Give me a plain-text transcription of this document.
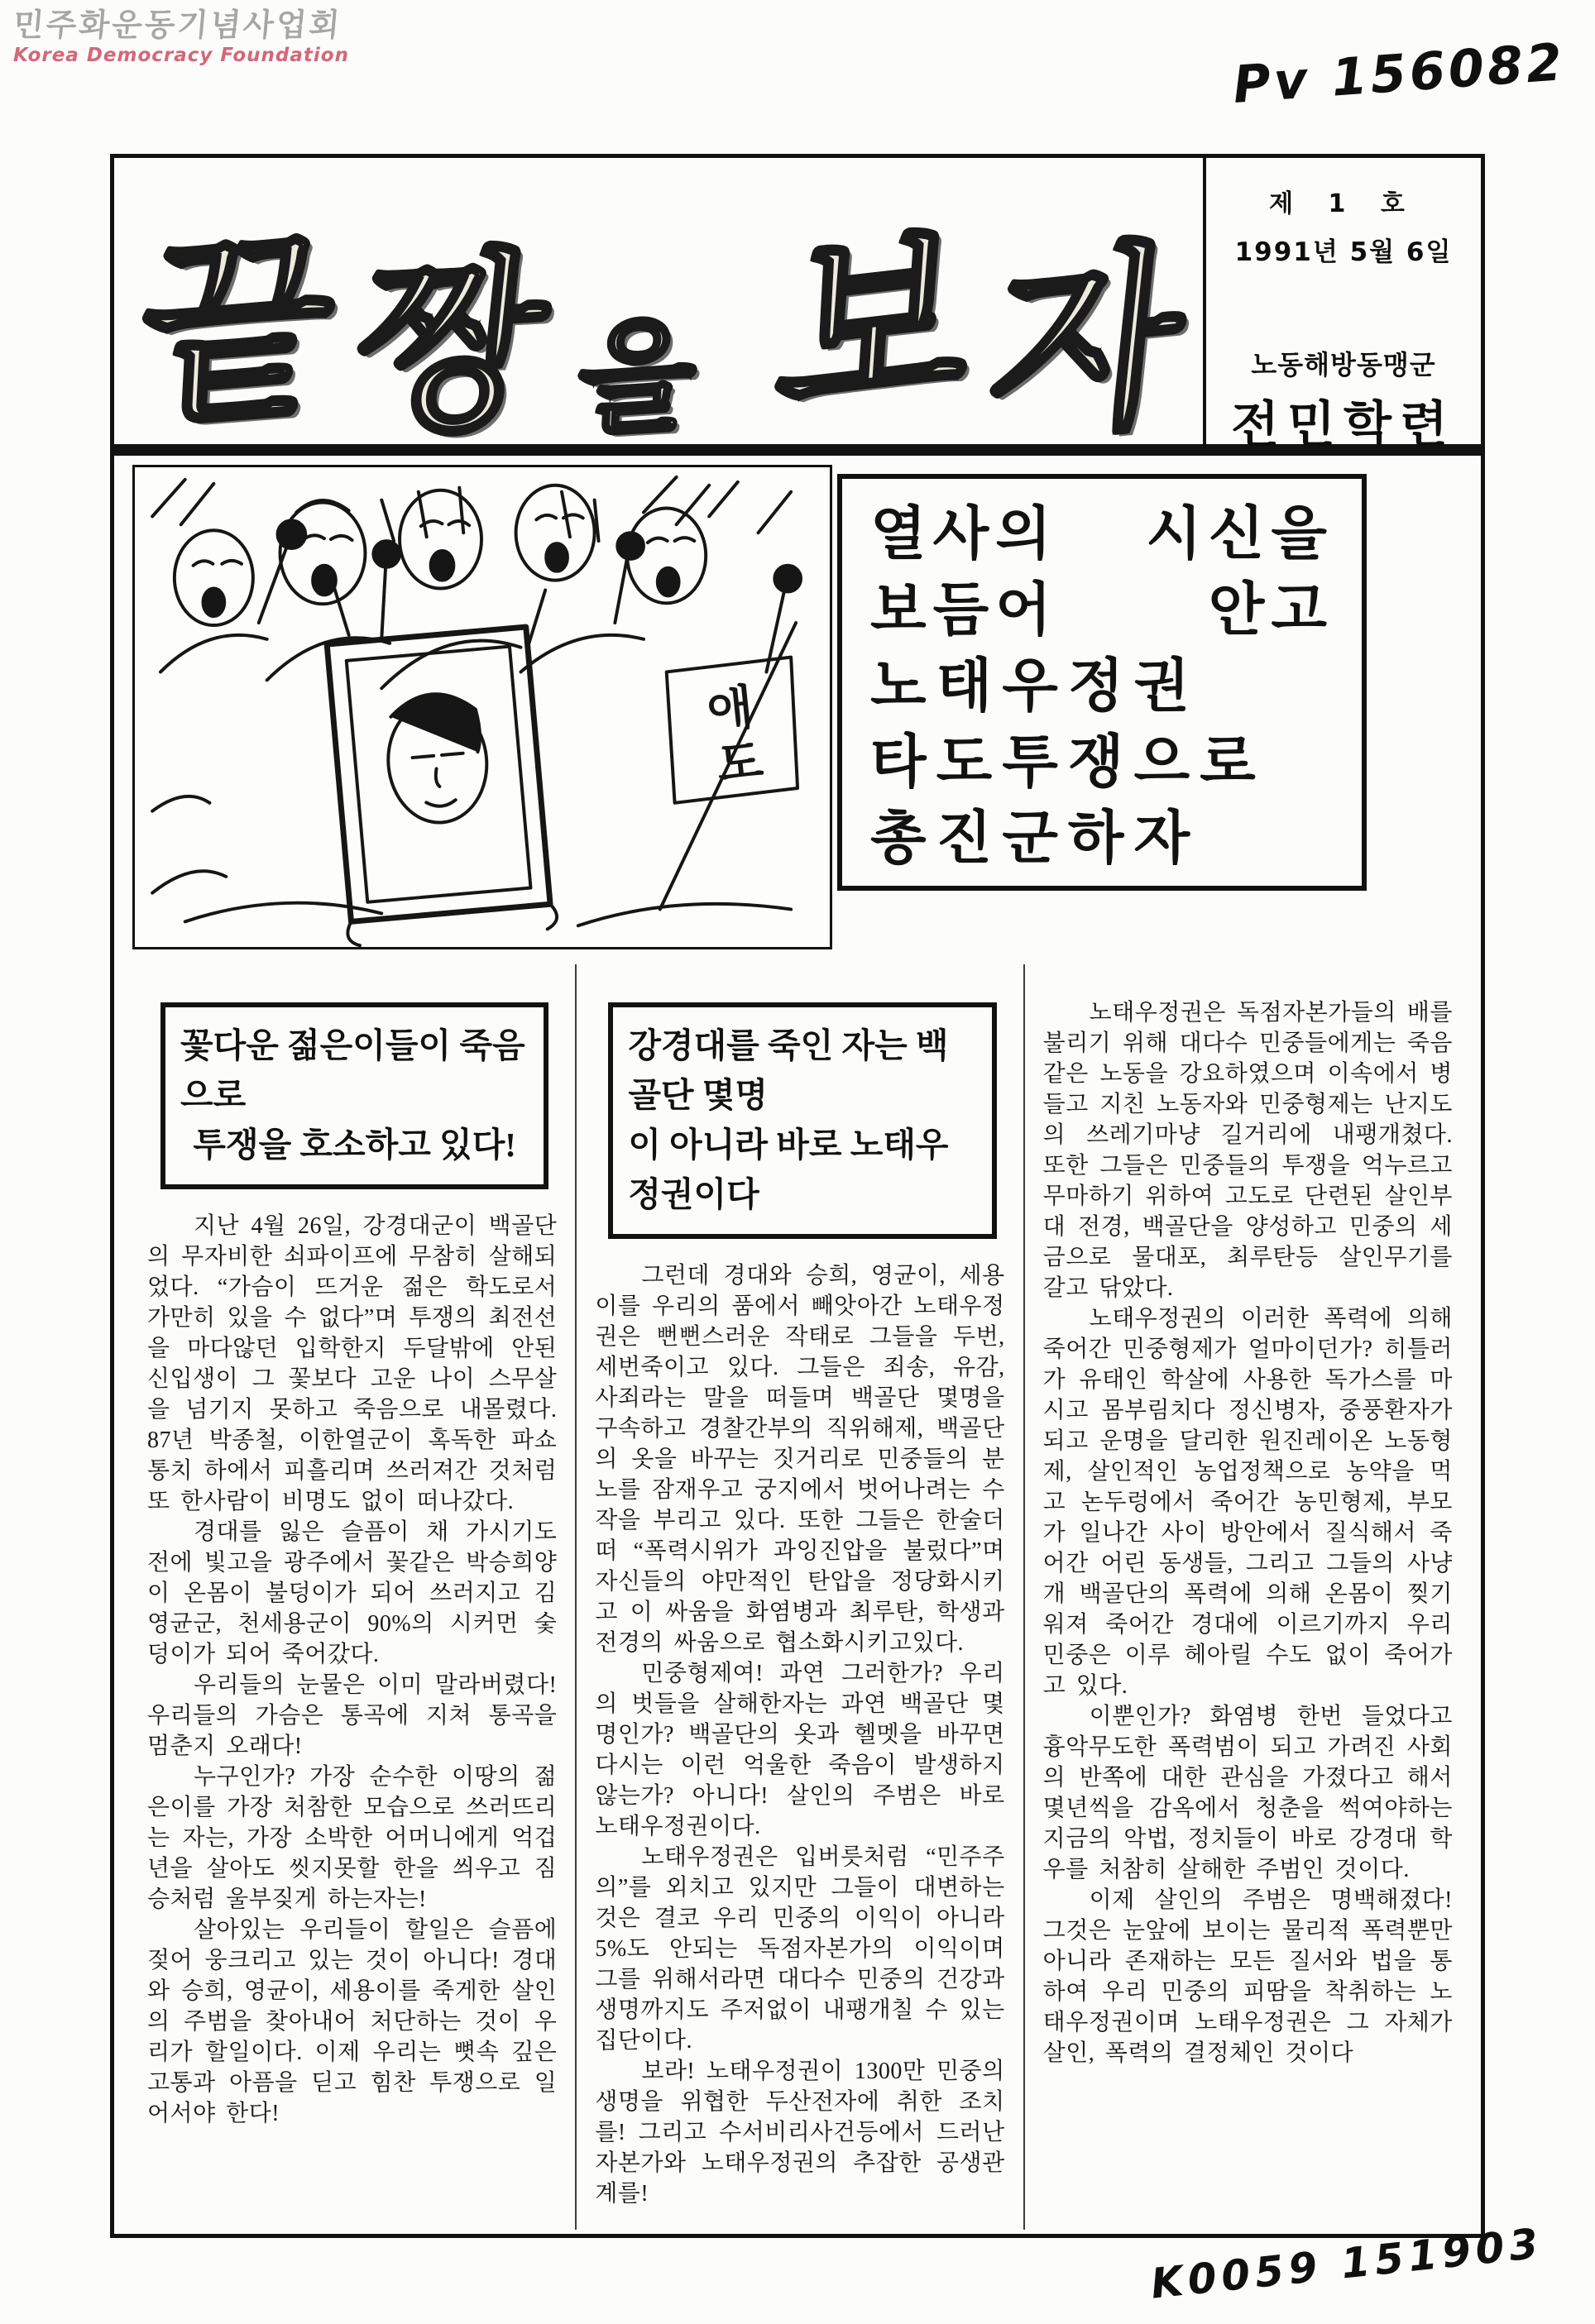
민주화운동기념사업회
Korea Democracy Foundation	Pv 156082
끝 짱 을 보 자
제 1 호
1991년 5월 6일
노동해방동맹군
전민학련
애
도
열사의 시신을
보듬어	안고
노태우정권
타도투쟁으로
총진군하자
꽃다운 젊은이들이 죽음으로
투쟁을 호소하고 있다!

지난 4월 26일, 강경대군이 백골단의 무자비한 쇠파이프에 무참히 살해되었다. “가슴이 뜨거운 젊은 학도로서 가만히 있을 수 없다”며 투쟁의 최전선을 마다않던 입학한지 두달밖에 안된 신입생이 그 꽃보다 고운 나이 스무살을 넘기지 못하고 죽음으로 내몰렸다. 87년 박종철, 이한열군이 혹독한 파쇼통치 하에서 피흘리며 쓰러져간 것처럼 또 한사람이 비명도 없이 떠나갔다.

경대를 잃은 슬픔이 채 가시기도 전에 빛고을 광주에서 꽃같은 박승희양이 온몸이 불덩이가 되어 쓰러지고 김영균군, 천세용군이 90%의 시커먼 숯덩이가 되어 죽어갔다.

우리들의 눈물은 이미 말라버렸다! 우리들의 가슴은 통곡에 지쳐 통곡을 멈춘지 오래다!

누구인가? 가장 순수한 이땅의 젊은이를 가장 처참한 모습으로 쓰러뜨리는 자는, 가장 소박한 어머니에게 억겁년을 살아도 씻지못할 한을 씌우고 짐승처럼 울부짖게 하는자는!

살아있는 우리들이 할일은 슬픔에 젖어 웅크리고 있는 것이 아니다! 경대와 승희, 영균이, 세용이를 죽게한 살인의 주범을 찾아내어 처단하는 것이 우리가 할일이다. 이제 우리는 뼛속 깊은 고통과 아픔을 딛고 힘찬 투쟁으로 일어서야 한다!

강경대를 죽인 자는 백골단 몇명
이 아니라 바로 노태우정권이다

그런데 경대와 승희, 영균이, 세용이를 우리의 품에서 빼앗아간 노태우정권은 뻔뻔스러운 작태로 그들을 두번, 세번죽이고 있다. 그들은 죄송, 유감, 사죄라는 말을 떠들며 백골단 몇명을 구속하고 경찰간부의 직위해제, 백골단의 옷을 바꾸는 짓거리로 민중들의 분노를 잠재우고 궁지에서 벗어나려는 수작을 부리고 있다. 또한 그들은 한술더 떠 “폭력시위가 과잉진압을 불렀다”며 자신들의 야만적인 탄압을 정당화시키고 이 싸움을 화염병과 최루탄, 학생과 전경의 싸움으로 협소화시키고있다.

민중형제여! 과연 그러한가? 우리의 벗들을 살해한자는 과연 백골단 몇명인가? 백골단의 옷과 헬멧을 바꾸면 다시는 이런 억울한 죽음이 발생하지 않는가? 아니다! 살인의 주범은 바로 노태우정권이다.

노태우정권은 입버릇처럼 “민주주의”를 외치고 있지만 그들이 대변하는 것은 결코 우리 민중의 이익이 아니라 5%도 안되는 독점자본가의 이익이며 그를 위해서라면 대다수 민중의 건강과 생명까지도 주저없이 내팽개칠 수 있는 집단이다.

보라! 노태우정권이 1300만 민중의 생명을 위협한 두산전자에 취한 조치를! 그리고 수서비리사건등에서 드러난 자본가와 노태우정권의 추잡한 공생관계를!

노태우정권은 독점자본가들의 배를 불리기 위해 대다수 민중들에게는 죽음같은 노동을 강요하였으며 이속에서 병들고 지친 노동자와 민중형제는 난지도의 쓰레기마냥 길거리에 내팽개쳤다. 또한 그들은 민중들의 투쟁을 억누르고 무마하기 위하여 고도로 단련된 살인부대 전경, 백골단을 양성하고 민중의 세금으로 물대포, 최루탄등 살인무기를 갈고 닦았다.

노태우정권의 이러한 폭력에 의해 죽어간 민중형제가 얼마이던가? 히틀러가 유태인 학살에 사용한 독가스를 마시고 몸부림치다 정신병자, 중풍환자가 되고 운명을 달리한 원진레이온 노동형제, 살인적인 농업정책으로 농약을 먹고 논두렁에서 죽어간 농민형제, 부모가 일나간 사이 방안에서 질식해서 죽어간 어린 동생들, 그리고 그들의 사냥개 백골단의 폭력에 의해 온몸이 찢기워져 죽어간 경대에 이르기까지 우리 민중은 이루 헤아릴 수도 없이 죽어가고 있다.

이뿐인가? 화염병 한번 들었다고 흉악무도한 폭력범이 되고 가려진 사회의 반쪽에 대한 관심을 가졌다고 해서 몇년씩을 감옥에서 청춘을 썩여야하는 지금의 악법, 정치들이 바로 강경대 학우를 처참히 살해한 주범인 것이다.

이제 살인의 주범은 명백해졌다! 그것은 눈앞에 보이는 물리적 폭력뿐만 아니라 존재하는 모든 질서와 법을 통하여 우리 민중의 피땀을 착취하는 노태우정권이며 노태우정권은 그 자체가 살인, 폭력의 결정체인 것이다

K0059 151903
